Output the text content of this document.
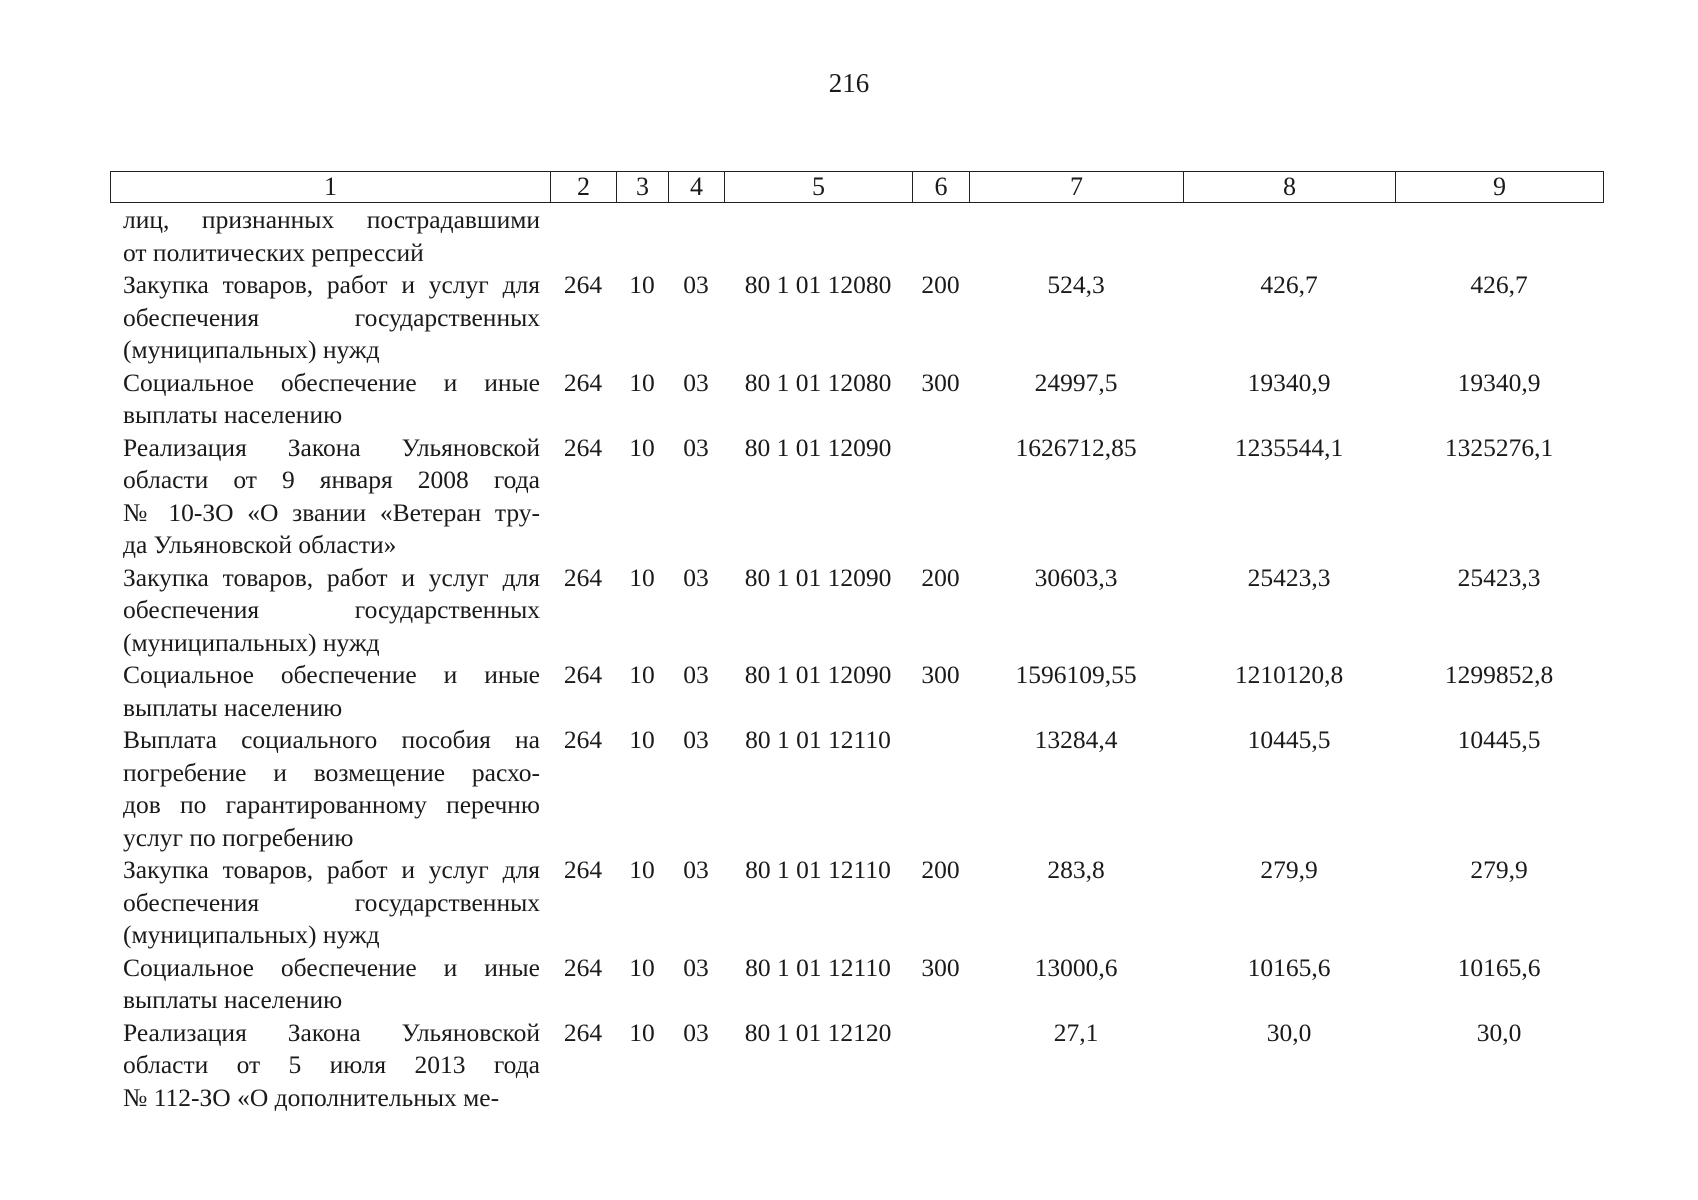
216
1	2	3	4	5	6	7	8	9
лиц, признанных пострадавшими
от политических репрессий								

Закупка товаров, работ и услуг для
обеспечения государственных
(муниципальных) нужд	264	10	03	80 1 01 12080	200	524,3	426,7	426,7

Социальное обеспечение и иные
выплаты населению	264	10	03	80 1 01 12080	300	24997,5	19340,9	19340,9

Реализация Закона Ульяновской
области от 9 января 2008 года
№ 10-ЗО «О звании «Ветеран тру-
да Ульяновской области»	264	10	03	80 1 01 12090		1626712,85	1235544,1	1325276,1

Закупка товаров, работ и услуг для
обеспечения государственных
(муниципальных) нужд	264	10	03	80 1 01 12090	200	30603,3	25423,3	25423,3

Социальное обеспечение и иные
выплаты населению	264	10	03	80 1 01 12090	300	1596109,55	1210120,8	1299852,8

Выплата социального пособия на
погребение и возмещение расхо-
дов по гарантированному перечню
услуг по погребению	264	10	03	80 1 01 12110		13284,4	10445,5	10445,5

Закупка товаров, работ и услуг для
обеспечения государственных
(муниципальных) нужд	264	10	03	80 1 01 12110	200	283,8	279,9	279,9

Социальное обеспечение и иные
выплаты населению	264	10	03	80 1 01 12110	300	13000,6	10165,6	10165,6

Реализация Закона Ульяновской
области от 5 июля 2013 года
№ 112-ЗО «О дополнительных ме-	264	10	03	80 1 01 12120		27,1	30,0	30,0
